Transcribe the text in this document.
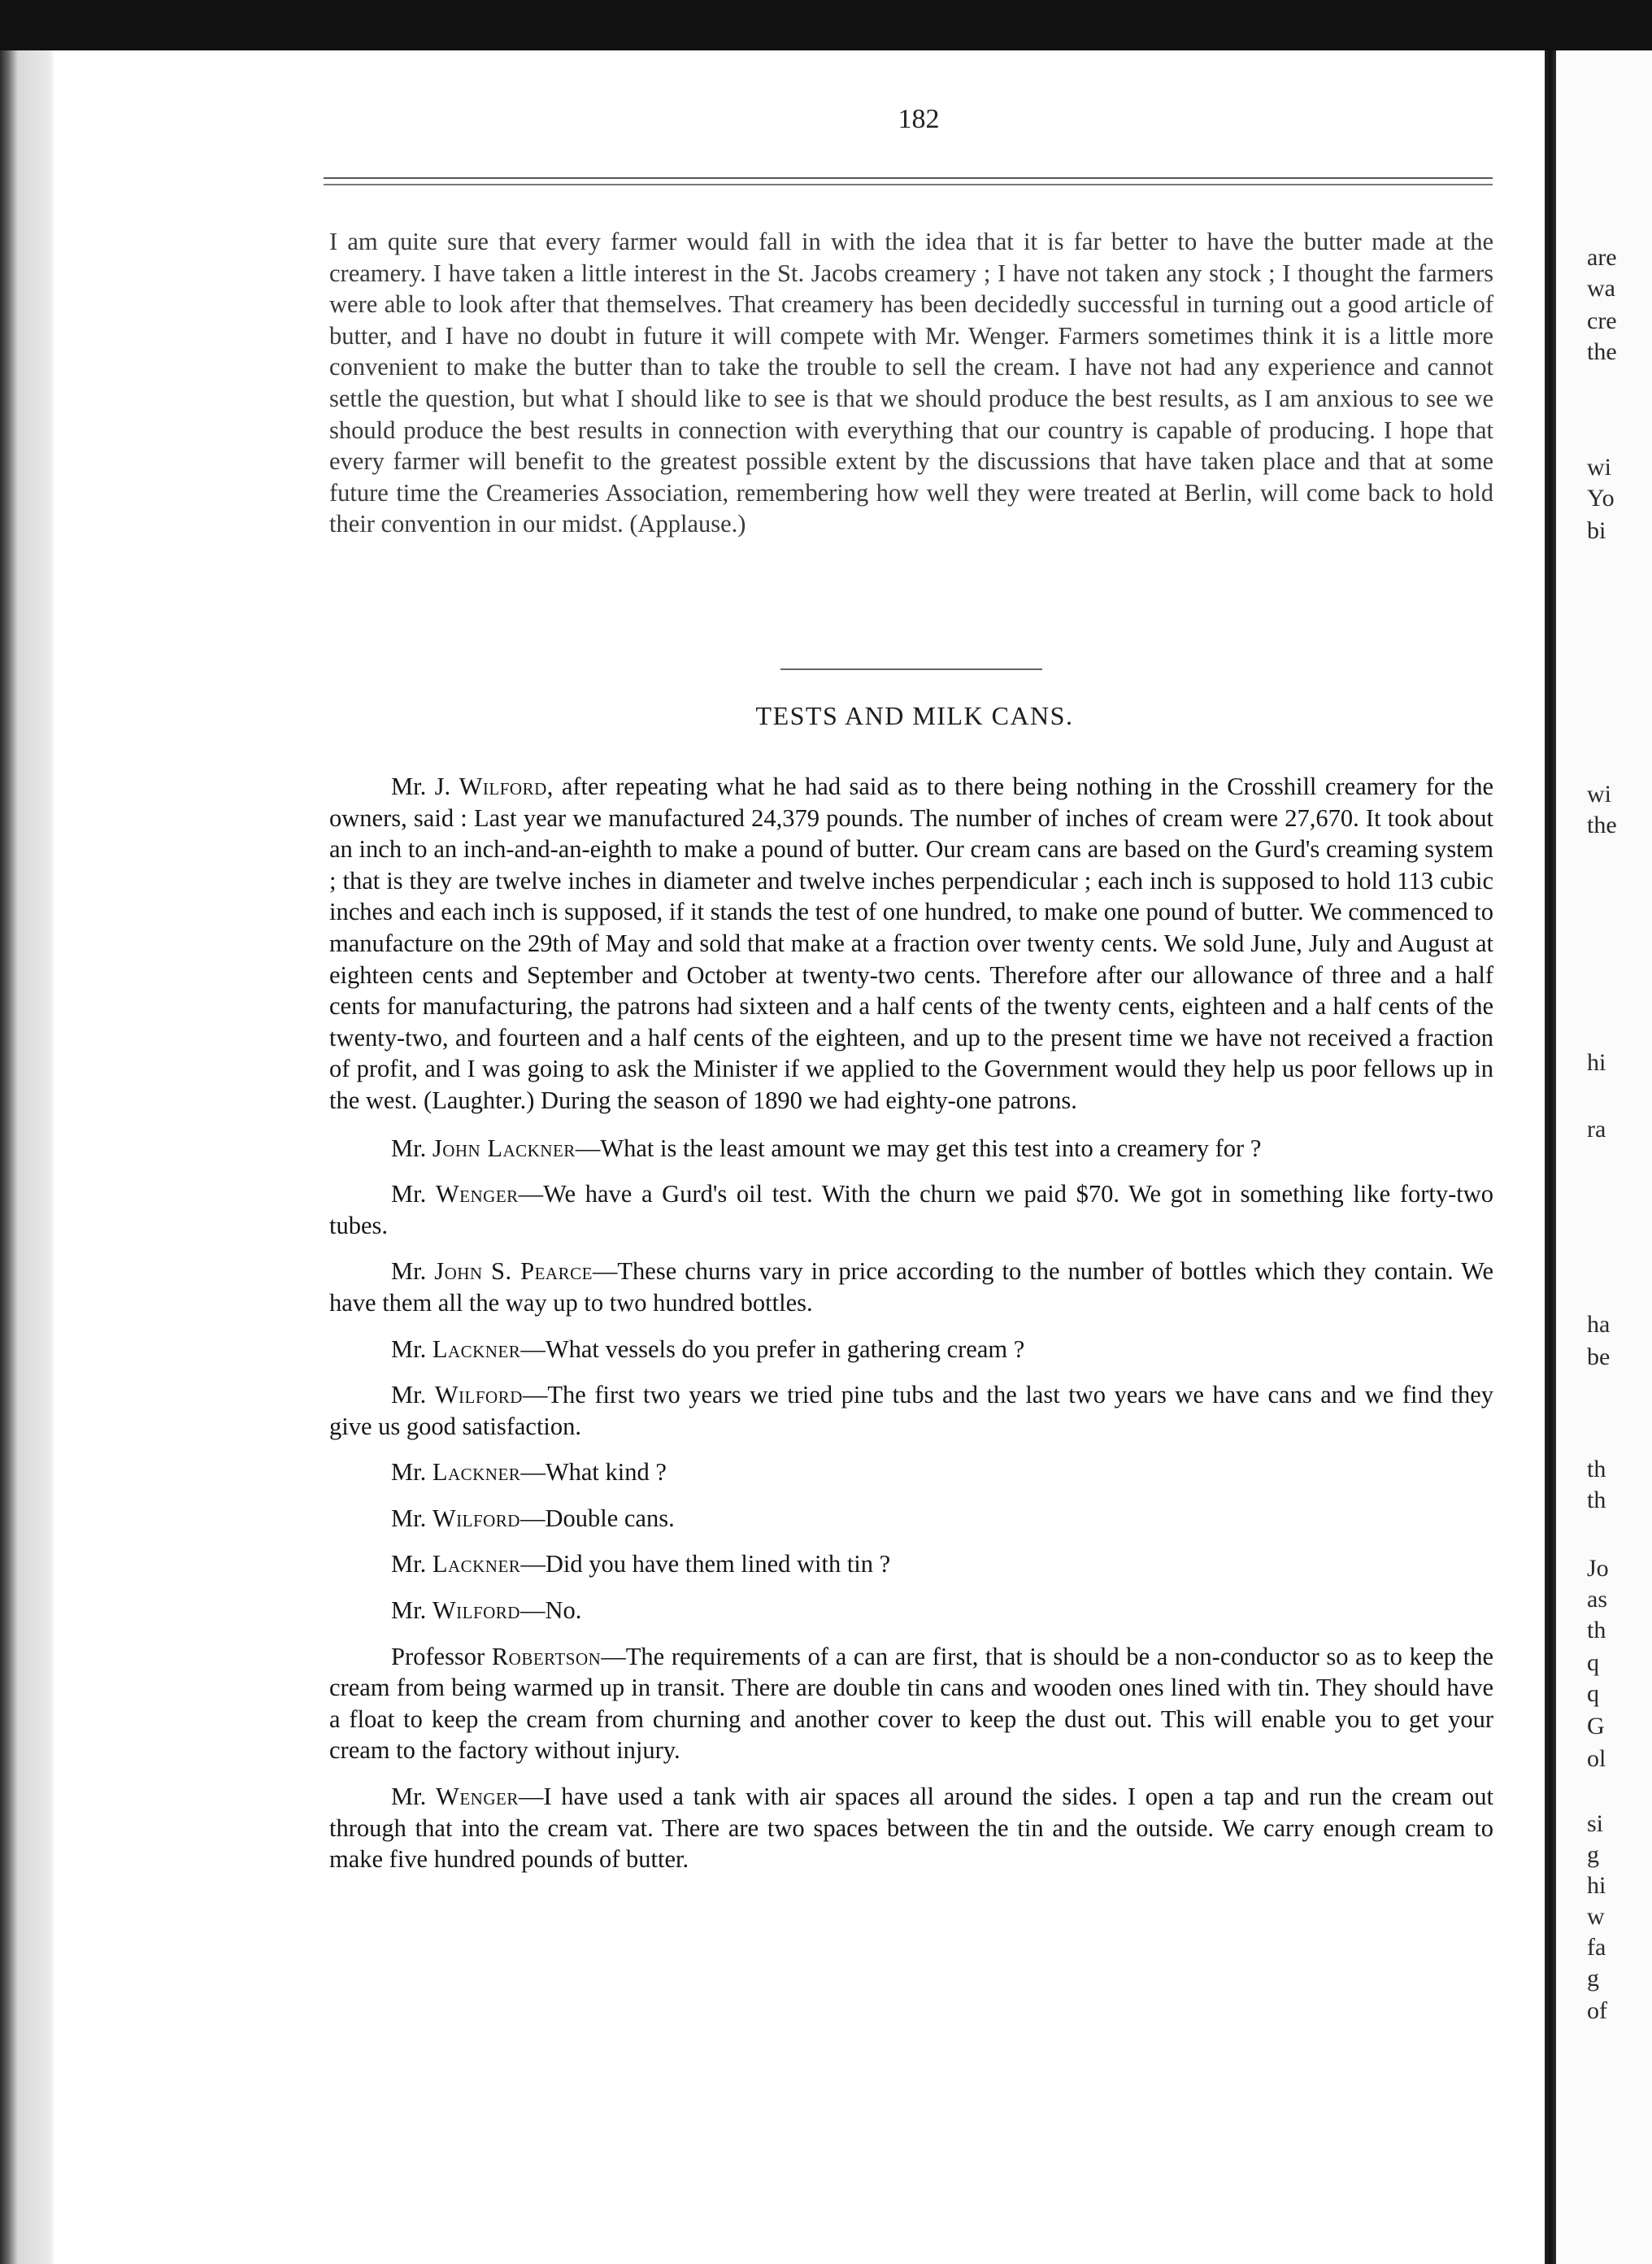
are
wa
cre
the
wi
Yo
bi
wi
the
hi
ra
ha
be
th
th
Jo
as
th
q
q
G
ol
si
g
hi
w
fa
g
of
182

I am quite sure that every farmer would fall in with the idea that it is far better to have the butter made at the creamery. I have taken a little interest in the St. Jacobs creamery ; I have not taken any stock ; I thought the farmers were able to look after that themselves. That creamery has been decidedly successful in turning out a good article of butter, and I have no doubt in future it will compete with Mr. Wenger. Farmers sometimes think it is a little more convenient to make the butter than to take the trouble to sell the cream. I have not had any experience and cannot settle the question, but what I should like to see is that we should produce the best results, as I am anxious to see we should produce the best results in connection with everything that our country is capable of producing. I hope that every farmer will benefit to the greatest possible extent by the discussions that have taken place and that at some future time the Creameries Association, remembering how well they were treated at Berlin, will come back to hold their convention in our midst. (Applause.)

TESTS AND MILK CANS.

Mr. J. Wilford, after repeating what he had said as to there being nothing in the Crosshill creamery for the owners, said : Last year we manufactured 24,379 pounds. The number of inches of cream were 27,670. It took about an inch to an inch-and-an-eighth to make a pound of butter. Our cream cans are based on the Gurd's creaming system ; that is they are twelve inches in diameter and twelve inches perpendicular ; each inch is supposed to hold 113 cubic inches and each inch is supposed, if it stands the test of one hundred, to make one pound of butter. We commenced to manufacture on the 29th of May and sold that make at a fraction over twenty cents. We sold June, July and August at eighteen cents and September and October at twenty-two cents. Therefore after our allowance of three and a half cents for manufacturing, the patrons had sixteen and a half cents of the twenty cents, eighteen and a half cents of the twenty-two, and fourteen and a half cents of the eighteen, and up to the present time we have not received a fraction of profit, and I was going to ask the Minister if we applied to the Government would they help us poor fellows up in the west. (Laughter.) During the season of 1890 we had eighty-one patrons.

Mr. John Lackner—What is the least amount we may get this test into a creamery for ?

Mr. Wenger—We have a Gurd's oil test. With the churn we paid $70. We got in something like forty-two tubes.

Mr. John S. Pearce—These churns vary in price according to the number of bottles which they contain. We have them all the way up to two hundred bottles.

Mr. Lackner—What vessels do you prefer in gathering cream ?

Mr. Wilford—The first two years we tried pine tubs and the last two years we have cans and we find they give us good satisfaction.

Mr. Lackner—What kind ?

Mr. Wilford—Double cans.

Mr. Lackner—Did you have them lined with tin ?

Mr. Wilford—No.

Professor Robertson—The requirements of a can are first, that is should be a non-conductor so as to keep the cream from being warmed up in transit. There are double tin cans and wooden ones lined with tin. They should have a float to keep the cream from churning and another cover to keep the dust out. This will enable you to get your cream to the factory without injury.

Mr. Wenger—I have used a tank with air spaces all around the sides. I open a tap and run the cream out through that into the cream vat. There are two spaces between the tin and the outside. We carry enough cream to make five hundred pounds of butter.
